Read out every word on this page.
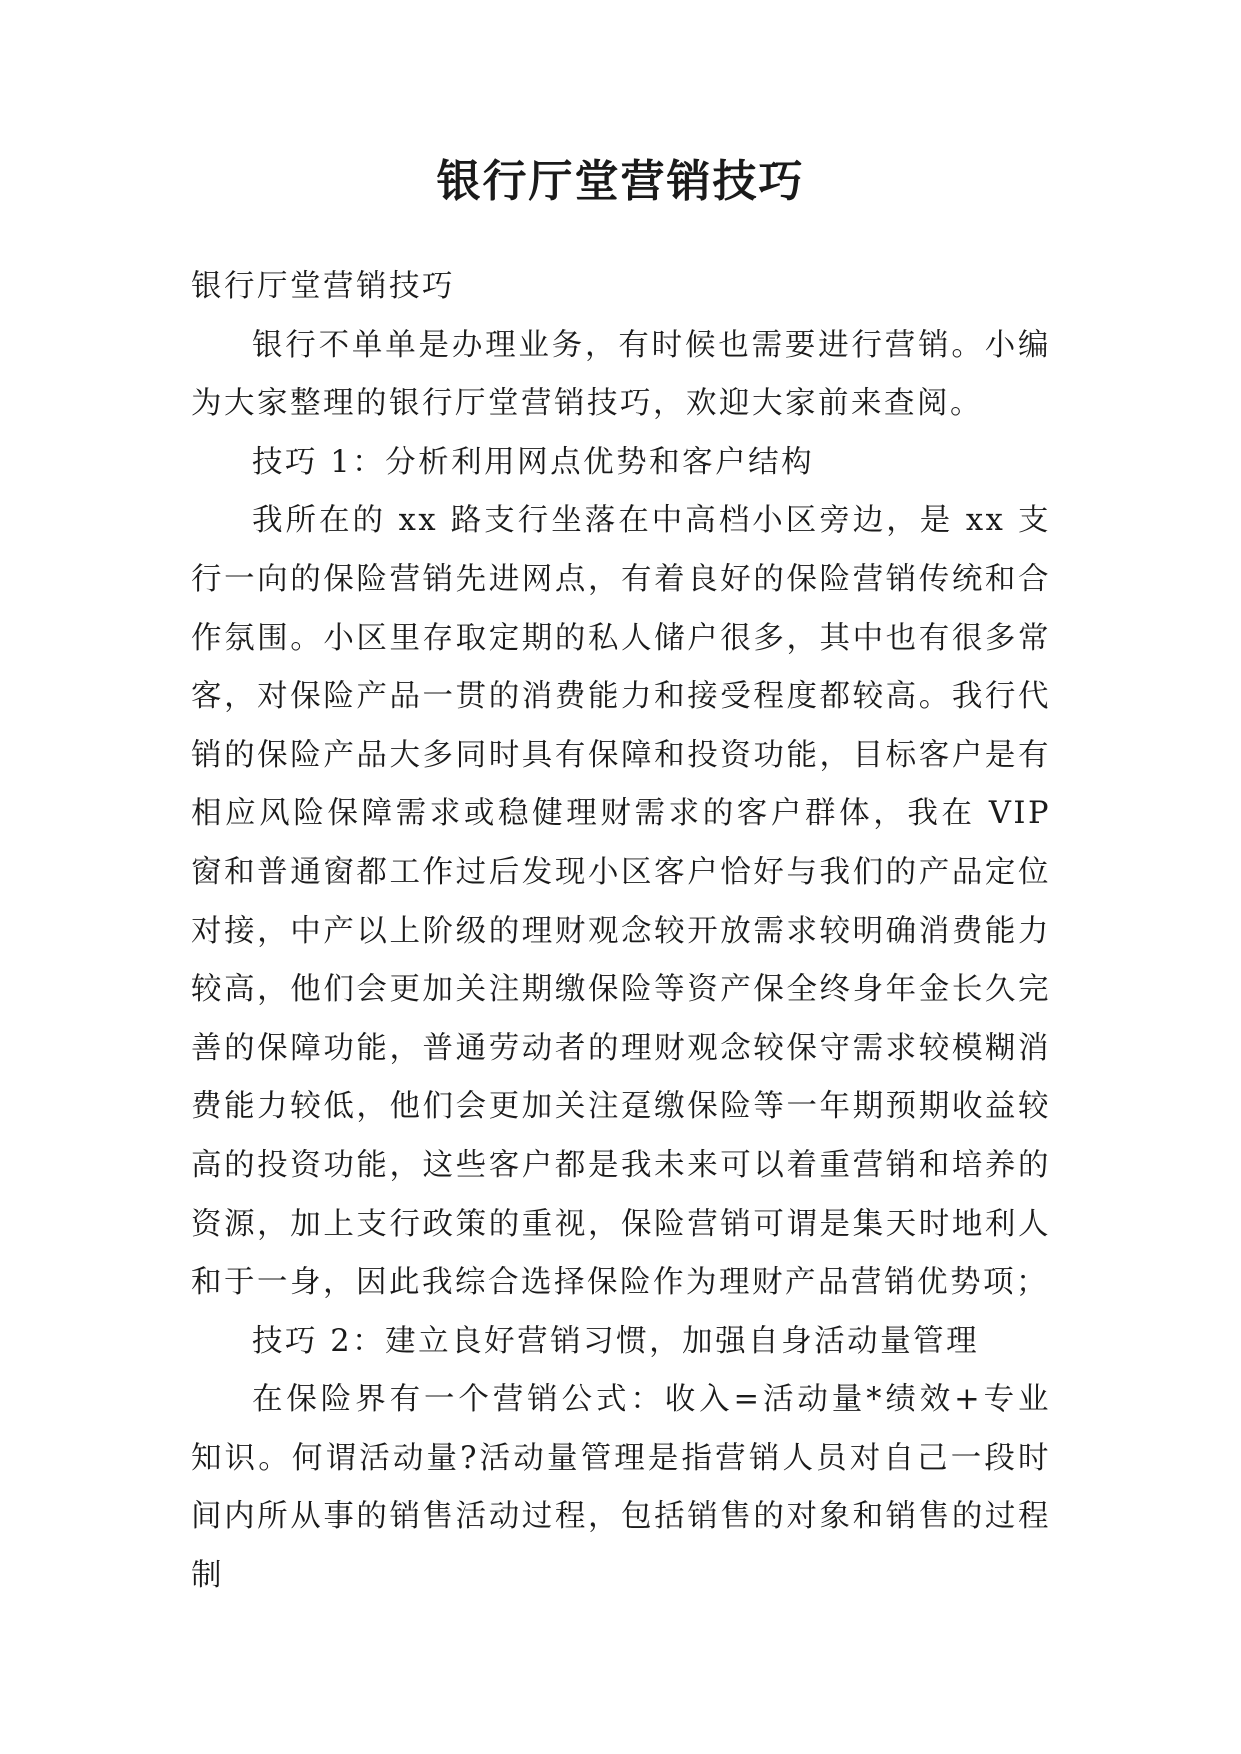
银行厅堂营销技巧

银行厅堂营销技巧

银行不单单是办理业务，有时候也需要进行营销。小编为大家整理的银行厅堂营销技巧，欢迎大家前来查阅。

技巧 1：分析利用网点优势和客户结构

我所在的 xx 路支行坐落在中高档小区旁边，是 xx 支行一向的保险营销先进网点，有着良好的保险营销传统和合作氛围。小区里存取定期的私人储户很多，其中也有很多常客，对保险产品一贯的消费能力和接受程度都较高。我行代销的保险产品大多同时具有保障和投资功能，目标客户是有相应风险保障需求或稳健理财需求的客户群体，我在 VIP 窗和普通窗都工作过后发现小区客户恰好与我们的产品定位对接，中产以上阶级的理财观念较开放需求较明确消费能力较高，他们会更加关注期缴保险等资产保全终身年金长久完善的保障功能，普通劳动者的理财观念较保守需求较模糊消费能力较低，他们会更加关注趸缴保险等一年期预期收益较高的投资功能，这些客户都是我未来可以着重营销和培养的资源，加上支行政策的重视，保险营销可谓是集天时地利人和于一身，因此我综合选择保险作为理财产品营销优势项；

技巧 2：建立良好营销习惯，加强自身活动量管理

在保险界有一个营销公式：收入=活动量*绩效+专业知识。何谓活动量?活动量管理是指营销人员对自己一段时间内所从事的销售活动过程，包括销售的对象和销售的过程制
